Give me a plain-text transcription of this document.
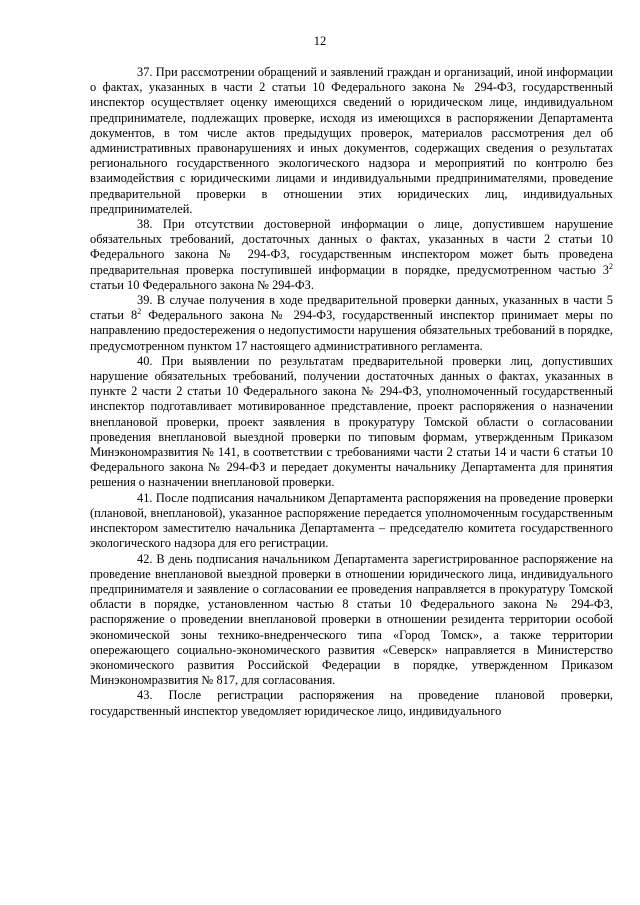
12

37. При рассмотрении обращений и заявлений граждан и организаций, иной информации о фактах, указанных в части 2 статьи 10 Федерального закона № 294-ФЗ, государственный инспектор осуществляет оценку имеющихся сведений о юридическом лице, индивидуальном предпринимателе, подлежащих проверке, исходя из имеющихся в распоряжении Департамента документов, в том числе актов предыдущих проверок, материалов рассмотрения дел об административных правонарушениях и иных документов, содержащих сведения о результатах регионального государственного экологического надзора и мероприятий по контролю без взаимодействия с юридическими лицами и индивидуальными предпринимателями, проведение предварительной проверки в отношении этих юридических лиц, индивидуальных предпринимателей.

38. При отсутствии достоверной информации о лице, допустившем нарушение обязательных требований, достаточных данных о фактах, указанных в части 2 статьи 10 Федерального закона № 294-ФЗ, государственным инспектором может быть проведена предварительная проверка поступившей информации в порядке, предусмотренном частью $3^2$ статьи 10 Федерального закона № 294-ФЗ.

39. В случае получения в ходе предварительной проверки данных, указанных в части 5 статьи $8^2$ Федерального закона № 294-ФЗ, государственный инспектор принимает меры по направлению предостережения о недопустимости нарушения обязательных требований в порядке, предусмотренном пунктом 17 настоящего административного регламента.

40. При выявлении по результатам предварительной проверки лиц, допустивших нарушение обязательных требований, получении достаточных данных о фактах, указанных в пункте 2 части 2 статьи 10 Федерального закона № 294-ФЗ, уполномоченный государственный инспектор подготавливает мотивированное представление, проект распоряжения о назначении внеплановой проверки, проект заявления в прокуратуру Томской области о согласовании проведения внеплановой выездной проверки по типовым формам, утвержденным Приказом Минэкономразвития № 141, в соответствии с требованиями части 2 статьи 14 и части 6 статьи 10 Федерального закона № 294-ФЗ и передает документы начальнику Департамента для принятия решения о назначении внеплановой проверки.

41. После подписания начальником Департамента распоряжения на проведение проверки (плановой, внеплановой), указанное распоряжение передается уполномоченным государственным инспектором заместителю начальника Департамента – председателю комитета государственного экологического надзора для его регистрации.

42. В день подписания начальником Департамента зарегистрированное распоряжение на проведение внеплановой выездной проверки в отношении юридического лица, индивидуального предпринимателя и заявление о согласовании ее проведения направляется в прокуратуру Томской области в порядке, установленном частью 8 статьи 10 Федерального закона № 294-ФЗ, распоряжение о проведении внеплановой проверки в отношении резидента территории особой экономической зоны технико-внедренческого типа «Город Томск», а также территории опережающего социально-экономического развития «Северск» направляется в Министерство экономического развития Российской Федерации в порядке, утвержденном Приказом Минэкономразвития № 817, для согласования.

43. После регистрации распоряжения на проведение плановой проверки, государственный инспектор уведомляет юридическое лицо, индивидуального
